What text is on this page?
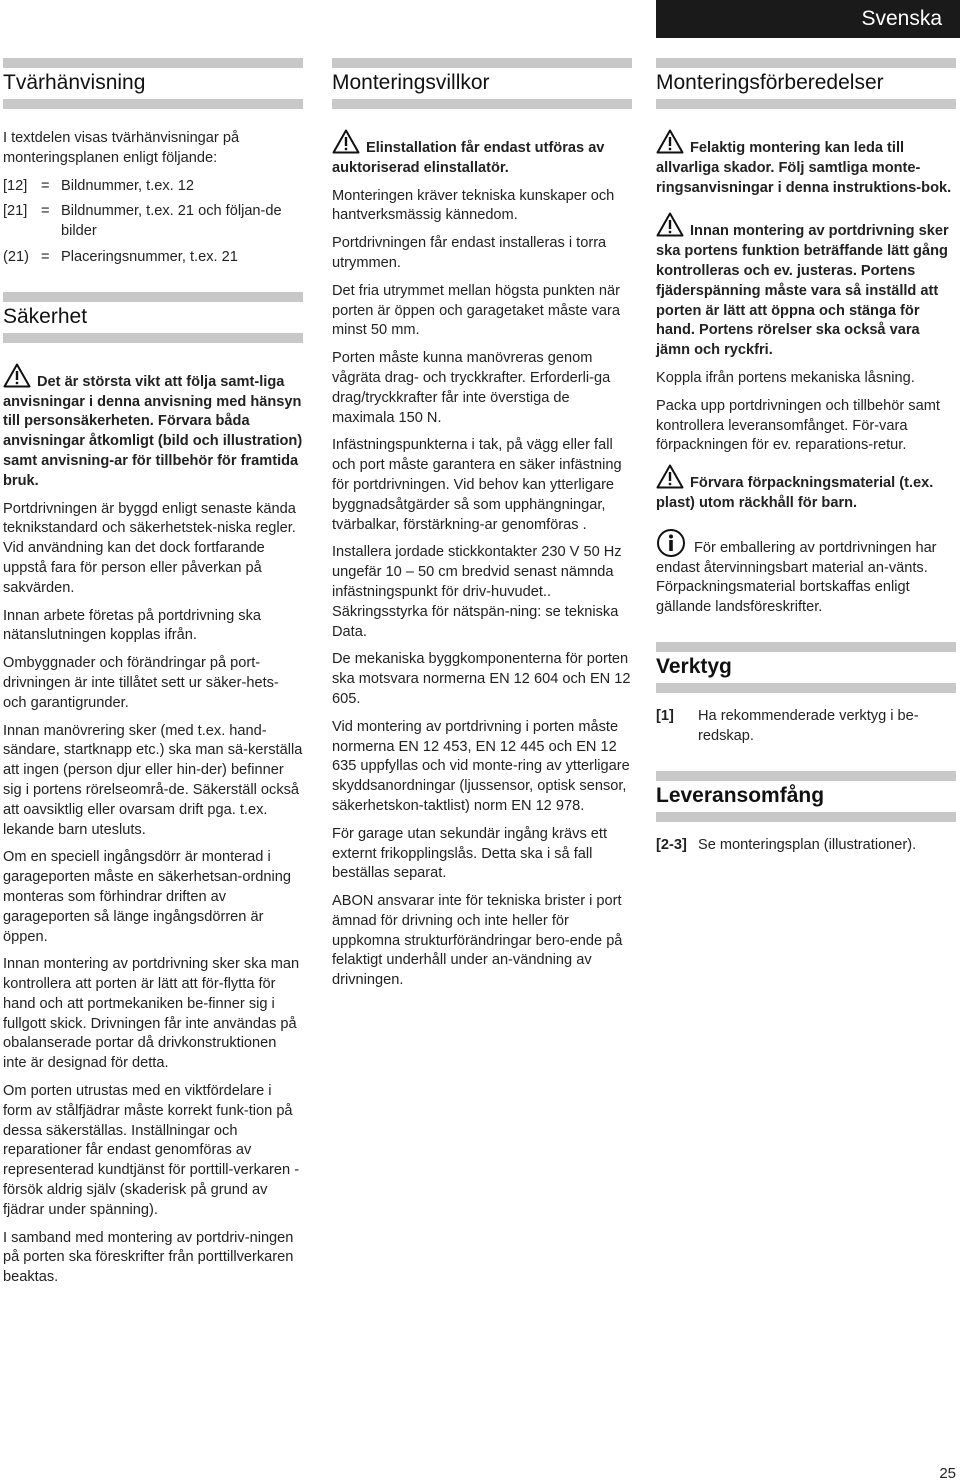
Svenska
Tvärhänvisning

I textdelen visas tvärhänvisningar på monteringsplanen enligt följande:

[12] = Bildnummer, t.ex. 12
[21] = Bildnummer, t.ex. 21 och följan-de bilder
(21) = Placeringsnummer, t.ex. 21
Säkerhet
Det är största vikt att följa samt-liga anvisningar i denna anvisning med hänsyn till personsäkerheten. Förvara båda anvisningar åtkomligt (bild och illustration) samt anvisning-ar för tillbehör för framtida bruk.

Portdrivningen är byggd enligt senaste kända teknikstandard och säkerhetstek-niska regler. Vid användning kan det dock fortfarande uppstå fara för person eller påverkan på sakvärden.

Innan arbete företas på portdrivning ska nätanslutningen kopplas ifrån.

Ombyggnader och förändringar på port-drivningen är inte tillåtet sett ur säker-hets- och garantigrunder.

Innan manövrering sker (med t.ex. hand-sändare, startknapp etc.) ska man sä-kerställa att ingen (person djur eller hin-der) befinner sig i portens rörelseområ-de. Säkerställ också att oavsiktlig eller ovarsam drift pga. t.ex. lekande barn utesluts.

Om en speciell ingångsdörr är monterad i garageporten måste en säkerhetsan-ordning monteras som förhindrar driften av garageporten så länge ingångsdörren är öppen.

Innan montering av portdrivning sker ska man kontrollera att porten är lätt att för-flytta för hand och att portmekaniken be-finner sig i fullgott skick. Drivningen får inte användas på obalanserade portar då drivkonstruktionen inte är designad för detta.

Om porten utrustas med en viktfördelare i form av stålfjädrar måste korrekt funk-tion på dessa säkerställas. Inställningar och reparationer får endast genomföras av representerad kundtjänst för porttill-verkaren - försök aldrig själv (skaderisk på grund av fjädrar under spänning).

I samband med montering av portdriv-ningen på porten ska föreskrifter från porttillverkaren beaktas.

Monteringsvillkor
Elinstallation får endast utföras av auktoriserad elinstallatör.

Monteringen kräver tekniska kunskaper och hantverksmässig kännedom.

Portdrivningen får endast installeras i torra utrymmen.

Det fria utrymmet mellan högsta punkten när porten är öppen och garagetaket måste vara minst 50 mm.

Porten måste kunna manövreras genom vågräta drag- och tryckkrafter. Erforderli-ga drag/tryckkrafter får inte överstiga de maximala 150 N.

Infästningspunkterna i tak, på vägg eller fall och port måste garantera en säker infästning för portdrivningen. Vid behov kan ytterligare byggnadsåtgärder så som upphängningar, tvärbalkar, förstärkning-ar genomföras .

Installera jordade stickkontakter 230 V 50 Hz ungefär 10 – 50 cm bredvid senast nämnda infästningspunkt för driv-huvudet.. Säkringsstyrka för nätspän-ning: se tekniska Data.

De mekaniska byggkomponenterna för porten ska motsvara normerna EN 12 604 och EN 12 605.

Vid montering av portdrivning i porten måste normerna EN 12 453, EN 12 445 och EN 12 635 uppfyllas och vid monte-ring av ytterligare skyddsanordningar (ljussensor, optisk sensor, säkerhetskon-taktlist) norm EN 12 978.

För garage utan sekundär ingång krävs ett externt frikopplingslås. Detta ska i så fall beställas separat.

ABON ansvarar inte för tekniska brister i port ämnad för drivning och inte heller för uppkomna strukturförändringar bero-ende på felaktigt underhåll under an-vändning av drivningen.

Monteringsförberedelser
Felaktig montering kan leda till allvarliga skador. Följ samtliga monte-ringsanvisningar i denna instruktions-bok.
Innan montering av portdrivning sker ska portens funktion beträffande lätt gång kontrolleras och ev. justeras. Portens fjäderspänning måste vara så inställd att porten är lätt att öppna och stänga för hand. Portens rörelser ska också vara jämn och ryckfri.

Koppla ifrån portens mekaniska låsning.

Packa upp portdrivningen och tillbehör samt kontrollera leveransomfånget. För-vara förpackningen för ev. reparations-retur.

Förvara förpackningsmaterial (t.ex. plast) utom räckhåll för barn.

För emballering av portdrivningen har endast återvinningsbart material an-vänts. Förpackningsmaterial bortskaffas enligt gällande landsföreskrifter.

Verktyg
[1]	Ha rekommenderade verktyg i be-redskap.
Leveransomfång
[2-3] Se monteringsplan (illustrationer).
25
